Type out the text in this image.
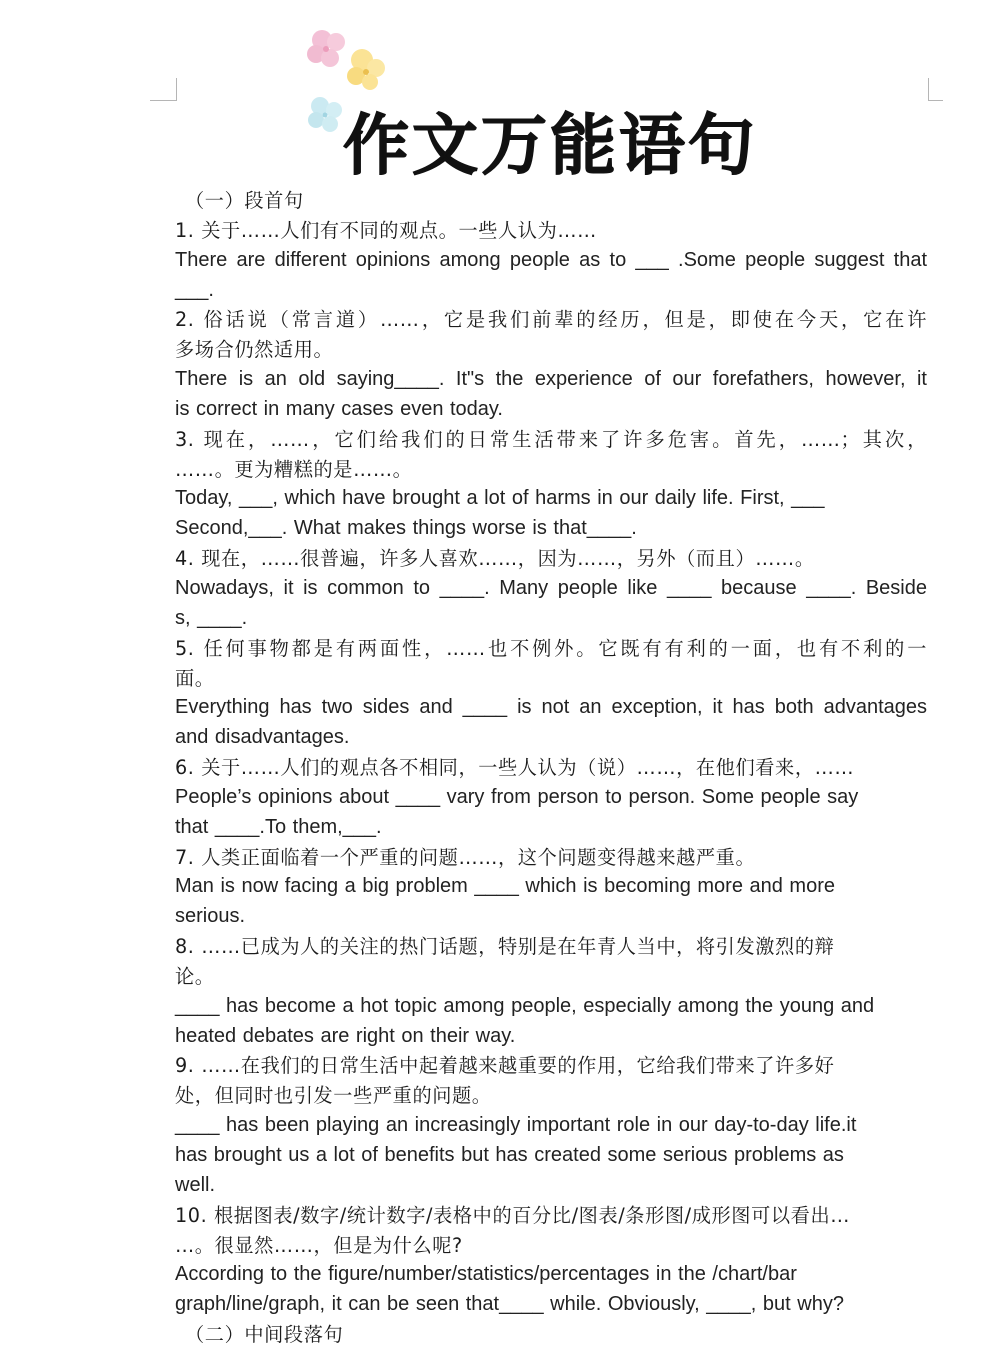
作文万能语句

（一）段首句

1. 关于……人们有不同的观点。一些人认为……

There are different opinions among people as to ___ .Some people suggest that

___.

2. 俗话说（常言道）……，它是我们前辈的经历，但是，即使在今天，它在许

多场合仍然适用。

There is an old saying____. It"s the experience of our forefathers, however, it

is correct in many cases even today.

3. 现在，……，它们给我们的日常生活带来了许多危害。首先，……；其次，

……。更为糟糕的是……。

Today, ___, which have brought a lot of harms in our daily life. First, ___

Second,___. What makes things worse is that____.

4. 现在，……很普遍，许多人喜欢……，因为……，另外（而且）……。

Nowadays, it is common to ____. Many people like ____ because ____. Beside

s, ____.

5. 任何事物都是有两面性，……也不例外。它既有有利的一面，也有不利的一

面。

Everything has two sides and ____ is not an exception, it has both advantages

and disadvantages.

6. 关于……人们的观点各不相同，一些人认为（说）……，在他们看来，……

People’s opinions about ____ vary from person to person. Some people say

that ____.To them,___.

7. 人类正面临着一个严重的问题……，这个问题变得越来越严重。

Man is now facing a big problem ____ which is becoming more and more

serious.

8. ……已成为人的关注的热门话题，特别是在年青人当中，将引发激烈的辩

论。

____ has become a hot topic among people, especially among the young and

heated debates are right on their way.

9. ……在我们的日常生活中起着越来越重要的作用，它给我们带来了许多好

处，但同时也引发一些严重的问题。

____ has been playing an increasingly important role in our day-to-day life.it

has brought us a lot of benefits but has created some serious problems as

well.

10. 根据图表/数字/统计数字/表格中的百分比/图表/条形图/成形图可以看出…

…。很显然……，但是为什么呢?

According to the figure/number/statistics/percentages in the /chart/bar

graph/line/graph, it can be seen that____ while. Obviously, ____, but why?

（二）中间段落句
